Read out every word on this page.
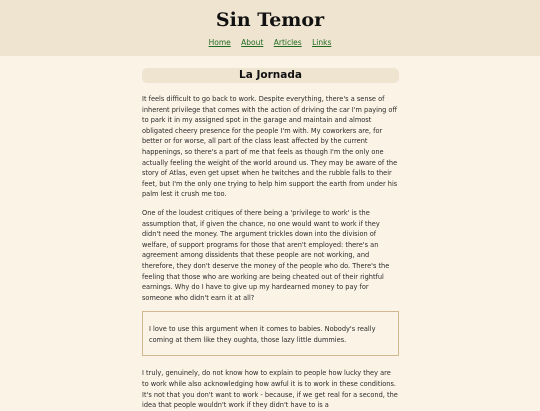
Sin Temor
Home About Articles Links
La Jornada

It feels difficult to go back to work. Despite everything, there's a sense of inherent privilege that comes with the action of driving the car I'm paying off to park it in my assigned spot in the garage and maintain and almost obligated cheery presence for the people I'm with. My coworkers are, for better or for worse, all part of the class least affected by the current happenings, so there's a part of me that feels as though I'm the only one actually feeling the weight of the world around us. They may be aware of the story of Atlas, even get upset when he twitches and the rubble falls to their feet, but I'm the only one trying to help him support the earth from under his palm lest it crush me too.

One of the loudest critiques of there being a 'privilege to work' is the assumption that, if given the chance, no one would want to work if they didn't need the money. The argument trickles down into the division of welfare, of support programs for those that aren't employed: there's an agreement among dissidents that these people are not working, and therefore, they don't deserve the money of the people who do. There's the feeling that those who are working are being cheated out of their rightful earnings. Why do I have to give up my hardearned money to pay for someone who didn't earn it at all?

I love to use this argument when it comes to babies. Nobody's really coming at them like they oughta, those lazy little dummies.

I truly, genuinely, do not know how to explain to people how lucky they are to work while also acknowledging how awful it is to work in these conditions. It's not that you don't want to work - because, if we get real for a second, the idea that people wouldn't work if they didn't have to is a
